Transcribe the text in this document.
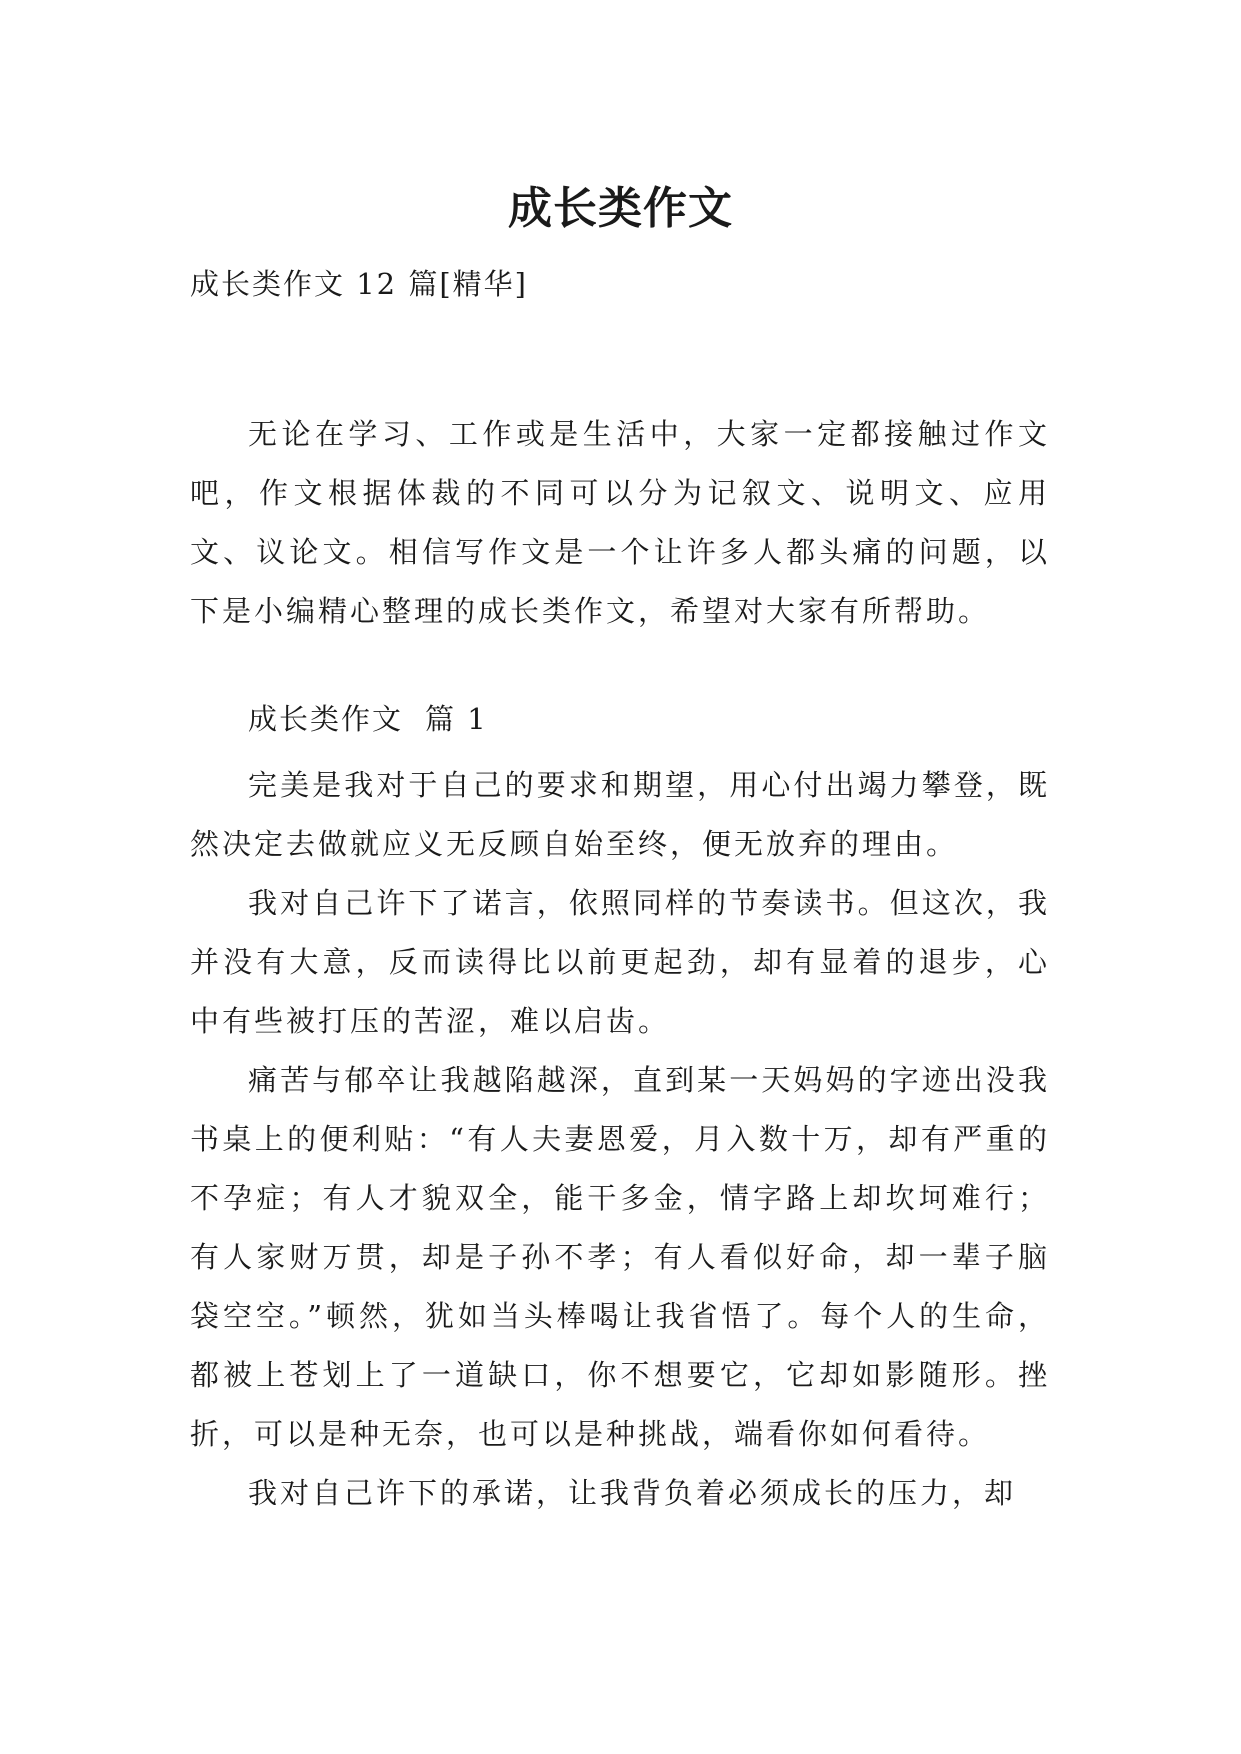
成长类作文
成长类作文 12 篇[精华]

无论在学习、工作或是生活中，大家一定都接触过作文吧，作文根据体裁的不同可以分为记叙文、说明文、应用文、议论文。相信写作文是一个让许多人都头痛的问题，以下是小编精心整理的成长类作文，希望对大家有所帮助。

成长类作文 篇 1

完美是我对于自己的要求和期望，用心付出竭力攀登，既然决定去做就应义无反顾自始至终，便无放弃的理由。

我对自己许下了诺言，依照同样的节奏读书。但这次，我并没有大意，反而读得比以前更起劲，却有显着的退步，心中有些被打压的苦涩，难以启齿。

痛苦与郁卒让我越陷越深，直到某一天妈妈的字迹出没我书桌上的便利贴：“有人夫妻恩爱，月入数十万，却有严重的不孕症；有人才貌双全，能干多金，情字路上却坎坷难行；有人家财万贯，却是子孙不孝；有人看似好命，却一辈子脑袋空空。”顿然，犹如当头棒喝让我省悟了。每个人的生命，都被上苍划上了一道缺口，你不想要它，它却如影随形。挫折，可以是种无奈，也可以是种挑战，端看你如何看待。

我对自己许下的承诺，让我背负着必须成长的压力，却
